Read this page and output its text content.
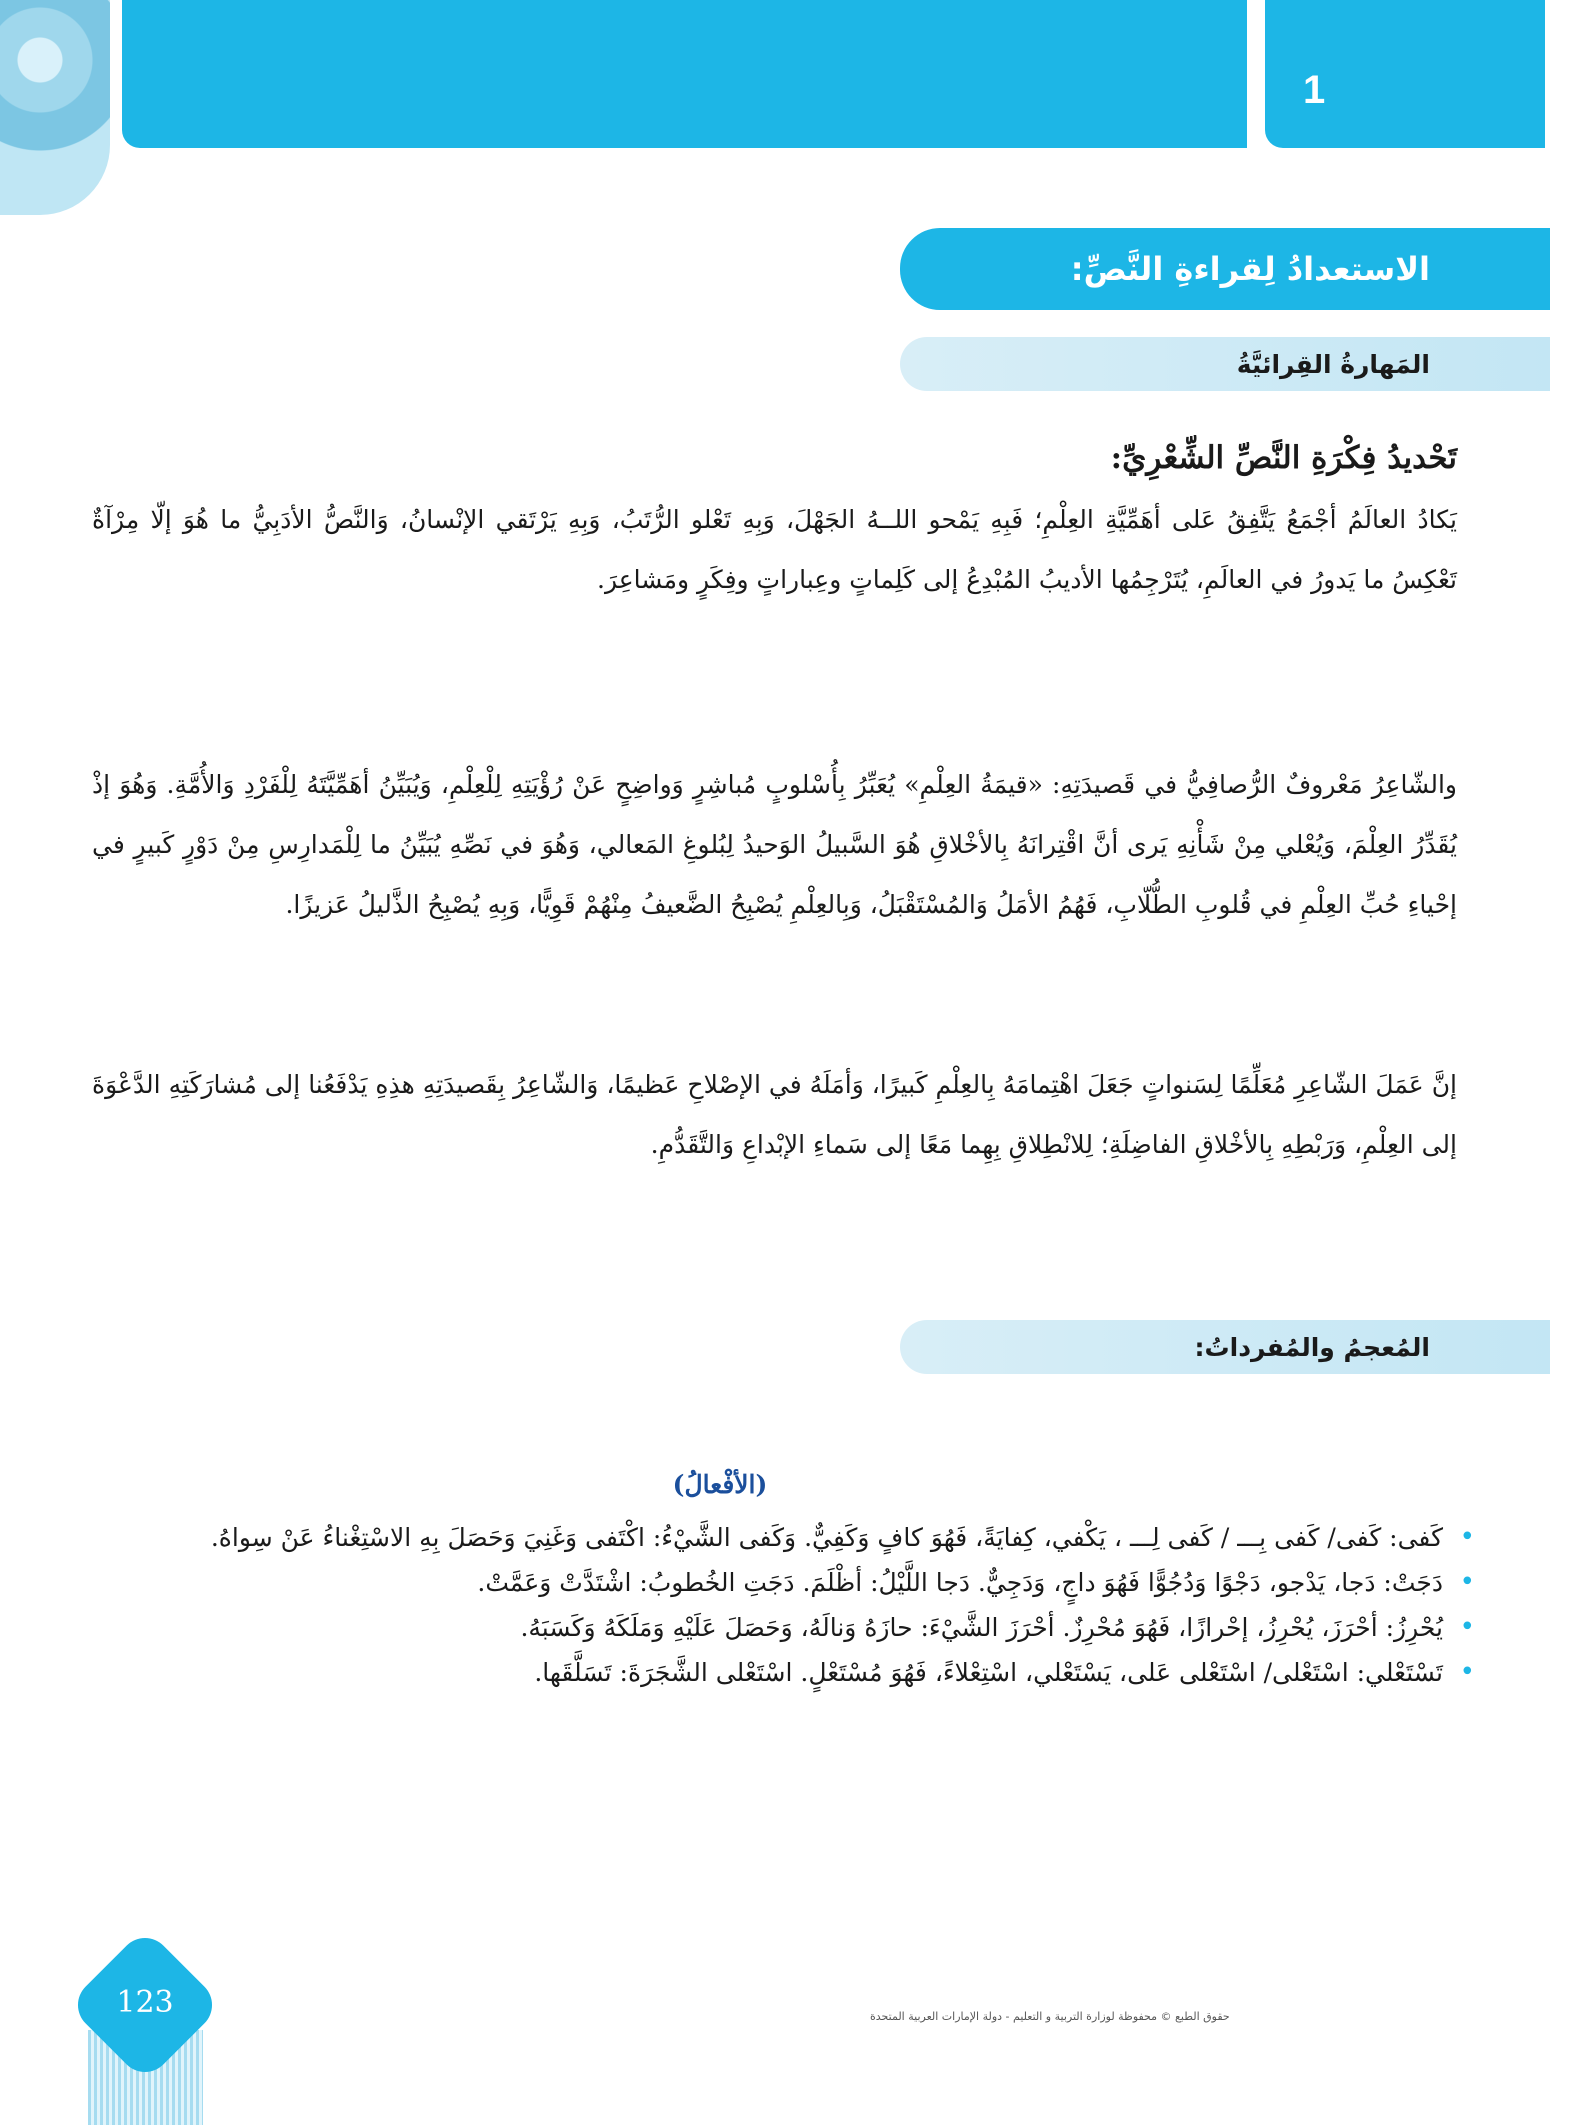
1
الاستعدادُ لِقراءةِ النَّصِّ:
المَهارةُ القِرائيَّةُ
تَحْديدُ فِكْرَةِ النَّصِّ الشِّعْرِيِّ:

يَكادُ العالَمُ أجْمَعُ يَتَّفِقُ عَلى أهَمِّيَّةِ العِلْمِ؛ فَبِهِ يَمْحو اللــهُ الجَهْلَ، وَبِهِ تَعْلو الرُّتَبُ، وَبِهِ يَرْتَقي الإنْسانُ، وَالنَّصُّ الأدَبِيُّ ما هُوَ إلّا مِرْآةٌ تَعْكِسُ ما يَدورُ في العالَمِ، يُتَرْجِمُها الأديبُ المُبْدِعُ إلى كَلِماتٍ وعِباراتٍ وفِكَرٍ ومَشاعِرَ.

والشّاعِرُ مَعْروفٌ الرُّصافِيُّ في قَصيدَتِهِ: «قيمَةُ العِلْمِ» يُعَبِّرُ بِأُسْلوبٍ مُباشِرٍ وَواضِحٍ عَنْ رُؤْيَتِهِ لِلْعِلْمِ، وَيُبَيِّنُ أهَمِّيَّتَهُ لِلْفَرْدِ وَالأُمَّةِ. وَهُوَ إذْ يُقَدِّرُ العِلْمَ، وَيُعْلي مِنْ شَأْنِهِ يَرى أنَّ اقْتِرانَهُ بِالأخْلاقِ هُوَ السَّبيلُ الوَحيدُ لِبُلوغِ المَعالي، وَهُوَ في نَصِّهِ يُبَيِّنُ ما لِلْمَدارِسِ مِنْ دَوْرٍ كَبيرٍ في إحْياءِ حُبِّ العِلْمِ في قُلوبِ الطُّلّابِ، فَهُمُ الأمَلُ وَالمُسْتَقْبَلُ، وَبِالعِلْمِ يُصْبِحُ الضَّعيفُ مِنْهُمْ قَوِيًّا، وَبِهِ يُصْبِحُ الذَّليلُ عَزيزًا.

إنَّ عَمَلَ الشّاعِرِ مُعَلِّمًا لِسَنواتٍ جَعَلَ اهْتِمامَهُ بِالعِلْمِ كَبيرًا، وَأمَلَهُ في الإصْلاحِ عَظيمًا، وَالشّاعِرُ بِقَصيدَتِهِ هذِهِ يَدْفَعُنا إلى مُشارَكَتِهِ الدَّعْوَةَ إلى العِلْمِ، وَرَبْطِهِ بِالأخْلاقِ الفاضِلَةِ؛ لِلانْطِلاقِ بِهِما مَعًا إلى سَماءِ الإبْداعِ وَالتَّقَدُّمِ.

المُعجمُ والمُفرداتُ:
(الأفْعالُ)
•
كَفى: كَفى/ كَفى بِـــ / كَفى لِـــ ، يَكْفي، كِفايَةً، فَهُوَ كافٍ وَكَفِيٌّ. وَكَفى الشَّيْءُ: اكْتَفى وَغَنِيَ وَحَصَلَ بِهِ الاسْتِغْناءُ عَنْ سِواهُ.
•
دَجَتْ: دَجا، يَدْجو، دَجْوًا وَدُجُوًّا فَهُوَ داجٍ، وَدَجِيٌّ. دَجا اللَّيْلُ: أظْلَمَ. دَجَتِ الخُطوبُ: اشْتَدَّتْ وَعَمَّتْ.
•
يُحْرِزُ: أحْرَزَ، يُحْرِزُ، إحْرازًا، فَهُوَ مُحْرِزٌ. أحْرَزَ الشَّيْءَ: حازَهُ وَنالَهُ، وَحَصَلَ عَلَيْهِ وَمَلَكَهُ وَكَسَبَهُ.
•
تَسْتَعْلي: اسْتَعْلى/ اسْتَعْلى عَلى، يَسْتَعْلي، اسْتِعْلاءً، فَهُوَ مُسْتَعْلٍ. اسْتَعْلى الشَّجَرَةَ: تَسَلَّقَها.
123	حقوق الطبع © محفوظة لوزارة التربية و التعليم - دولة الإمارات العربية المتحدة
